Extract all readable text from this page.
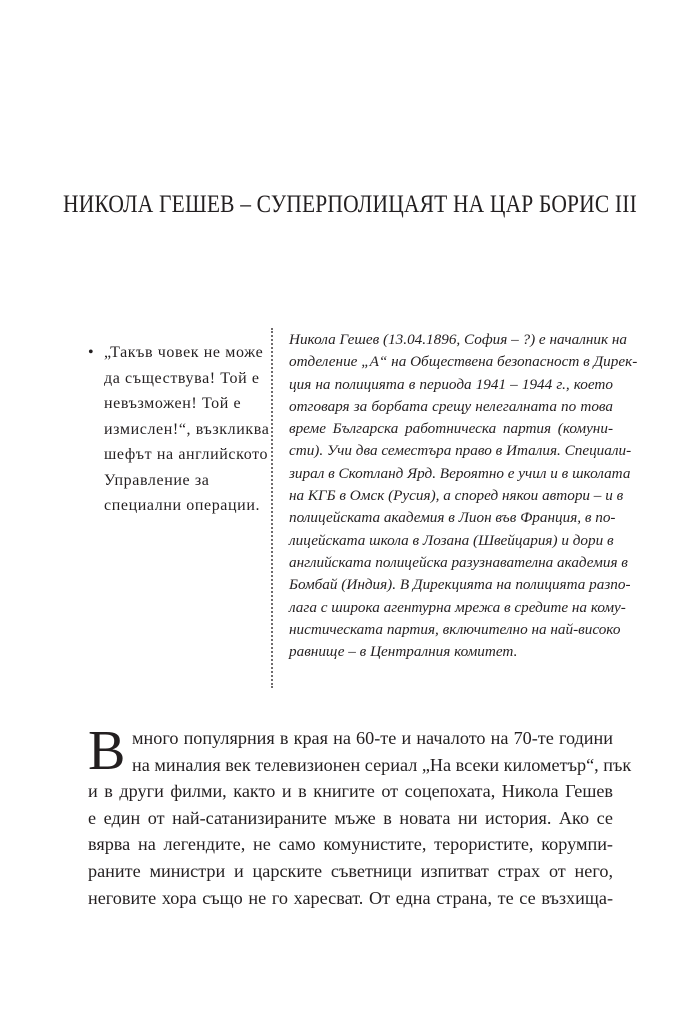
НИКОЛА ГЕШЕВ – СУПЕРПОЛИЦАЯТ НА ЦАР БОРИС III
• „Такъв човек не може
да съществува! Той е
невъзможен! Той е
измислен!“, възкликва
шефът на английското
Управление за
специални операции.
Никола Гешев (13.04.1896, София – ?) е началник на
отделение „А“ на Обществена безопасност в Дирек-
ция на полицията в периода 1941 – 1944 г., което
отговаря за борбата срещу нелегалната по това
време Българска работническа партия (комуни-
сти). Учи два семестъра право в Италия. Специали-
зирал в Скотланд Ярд. Вероятно е учил и в школата
на КГБ в Омск (Русия), а според някои автори – и в
полицейската академия в Лион във Франция, в по-
лицейската школа в Лозана (Швейцария) и дори в
английската полицейска разузнавателна академия в
Бомбай (Индия). В Дирекцията на полицията разпо-
лага с широка агентурна мрежа в средите на кому-
нистическата партия, включително на най-високо
равнище – в Централния комитет.
В много популярния в края на 60-те и началото на 70-те години
на миналия век телевизионен сериал „На всеки километър“, пък
и в други филми, както и в книгите от соцепохата, Никола Гешев
е един от най-сатанизираните мъже в новата ни история. Ако се
вярва на легендите, не само комунистите, терористите, корумпи-
раните министри и царските съветници изпитват страх от него,
неговите хора също не го харесват. От една страна, те се възхища-
